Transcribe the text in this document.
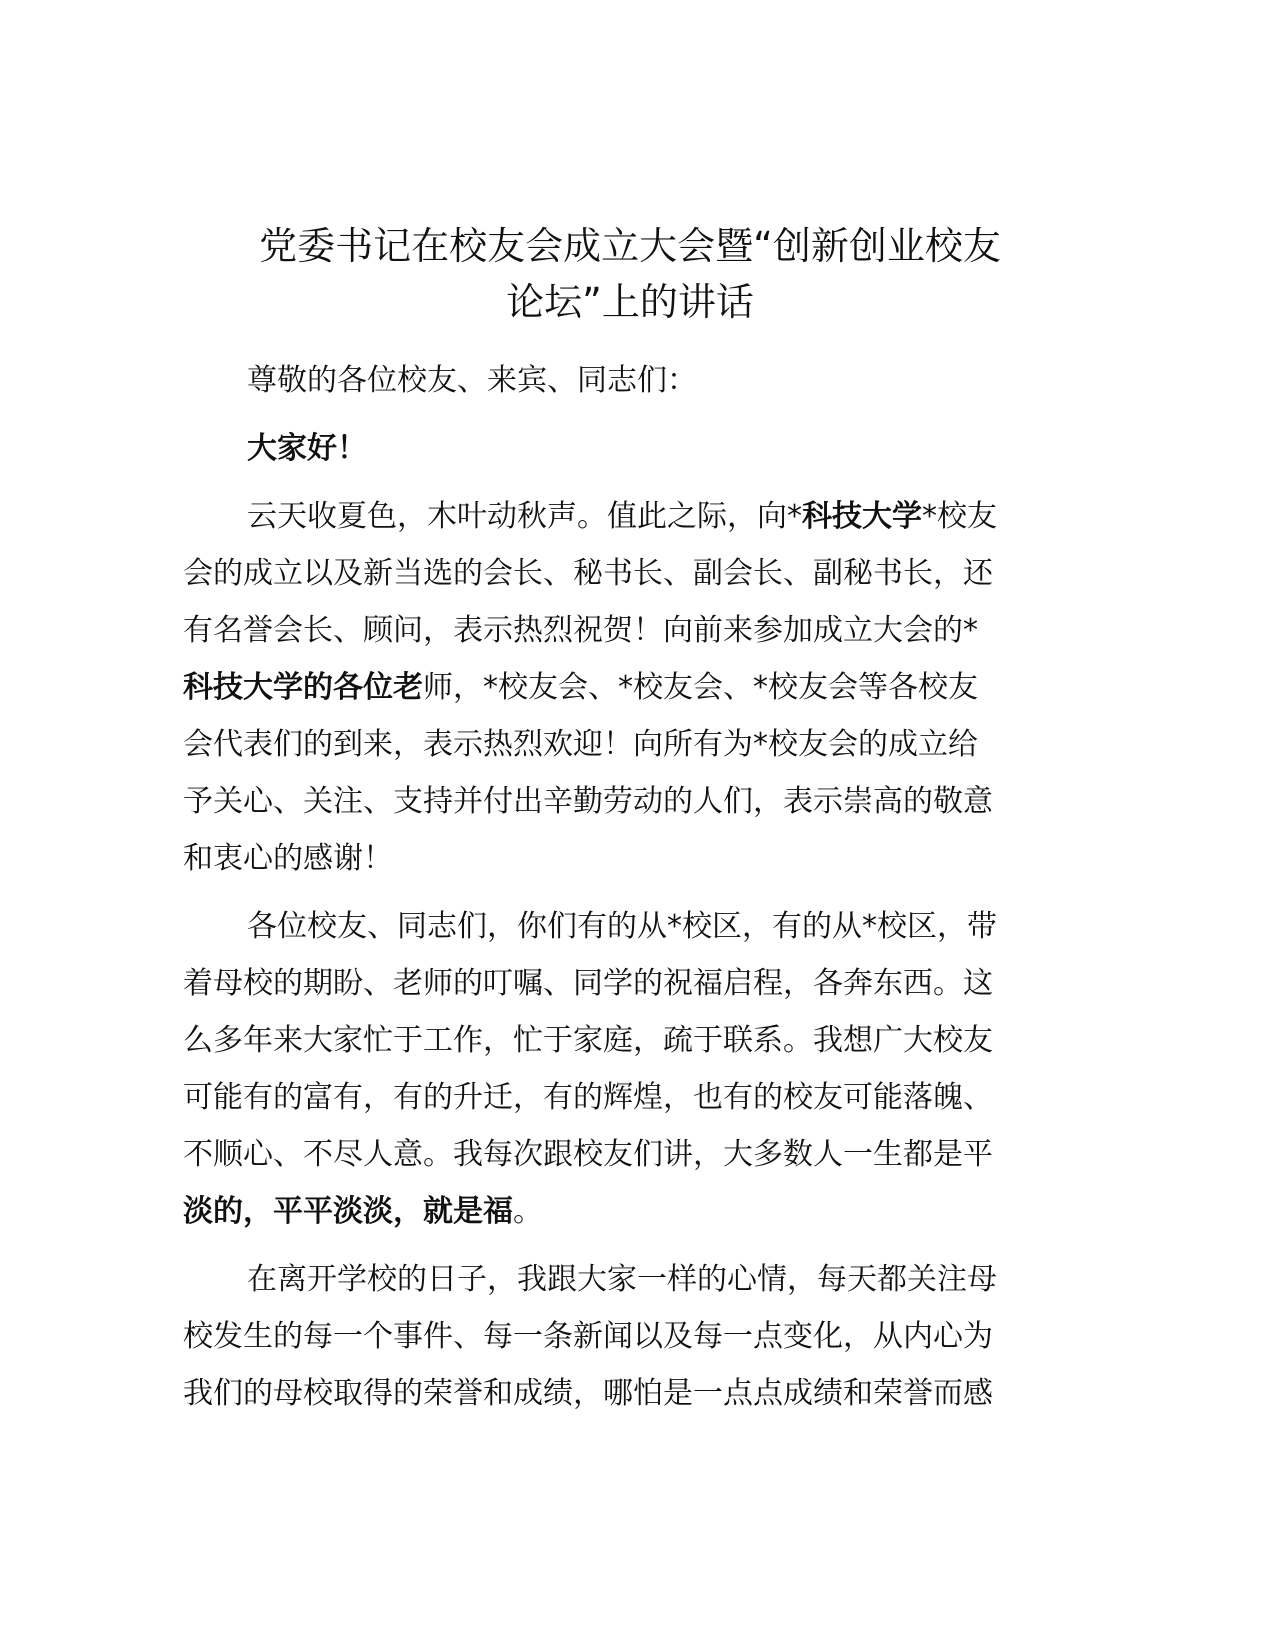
党委书记在校友会成立大会暨“创新创业校友
论坛”上的讲话

尊敬的各位校友、来宾、同志们：

大家好！

云天收夏色，木叶动秋声。值此之际，向*科技大学*校友
会的成立以及新当选的会长、秘书长、副会长、副秘书长，还
有名誉会长、顾问，表示热烈祝贺！向前来参加成立大会的*
科技大学的各位老师，*校友会、*校友会、*校友会等各校友
会代表们的到来，表示热烈欢迎！向所有为*校友会的成立给
予关心、关注、支持并付出辛勤劳动的人们，表示崇高的敬意
和衷心的感谢！
各位校友、同志们，你们有的从*校区，有的从*校区，带
着母校的期盼、老师的叮嘱、同学的祝福启程，各奔东西。这
么多年来大家忙于工作，忙于家庭，疏于联系。我想广大校友
可能有的富有，有的升迁，有的辉煌，也有的校友可能落魄、
不顺心、不尽人意。我每次跟校友们讲，大多数人一生都是平
淡的，平平淡淡，就是福。
在离开学校的日子，我跟大家一样的心情，每天都关注母
校发生的每一个事件、每一条新闻以及每一点变化，从内心为
我们的母校取得的荣誉和成绩，哪怕是一点点成绩和荣誉而感
